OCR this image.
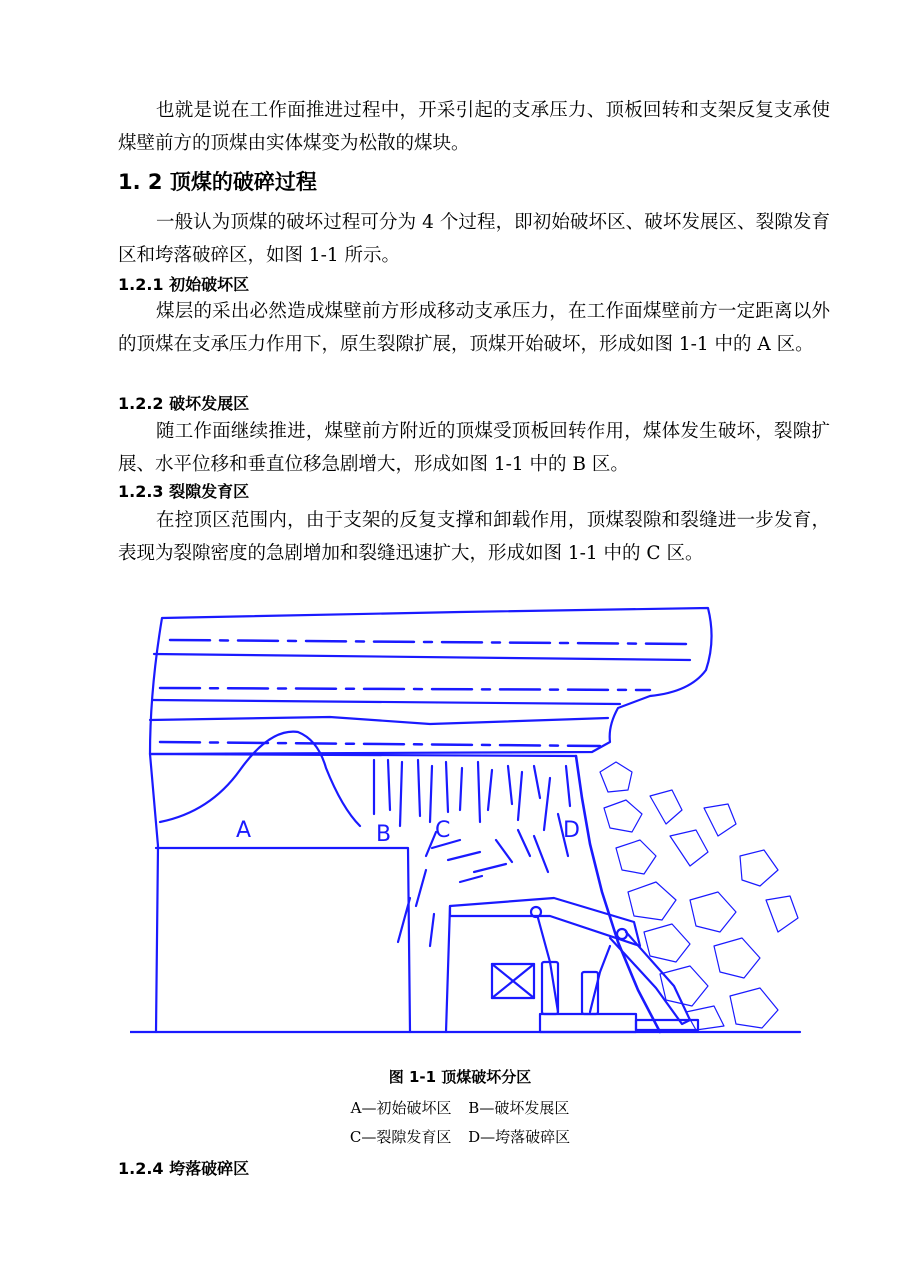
也就是说在工作面推进过程中，开采引起的支承压力、顶板回转和支架反复支承使煤壁前方的顶煤由实体煤变为松散的煤块。

1. 2 顶煤的破碎过程

一般认为顶煤的破坏过程可分为 4 个过程，即初始破坏区、破坏发展区、裂隙发育区和垮落破碎区，如图 1-1 所示。

1.2.1 初始破坏区

煤层的采出必然造成煤壁前方形成移动支承压力，在工作面煤壁前方一定距离以外的顶煤在支承压力作用下，原生裂隙扩展，顶煤开始破坏，形成如图 1-1 中的 A 区。

1.2.2 破坏发展区

随工作面继续推进，煤壁前方附近的顶煤受顶板回转作用，煤体发生破坏，裂隙扩展、水平位移和垂直位移急剧增大，形成如图 1-1 中的 B 区。

1.2.3 裂隙发育区

在控顶区范围内，由于支架的反复支撑和卸载作用，顶煤裂隙和裂缝进一步发育，表现为裂隙密度的急剧增加和裂缝迅速扩大，形成如图 1-1 中的 C 区。

A	B C	D

图 1-1 顶煤破坏分区

A—初始破坏区 B—破坏发展区

C—裂隙发育区 D—垮落破碎区

1.2.4 垮落破碎区
